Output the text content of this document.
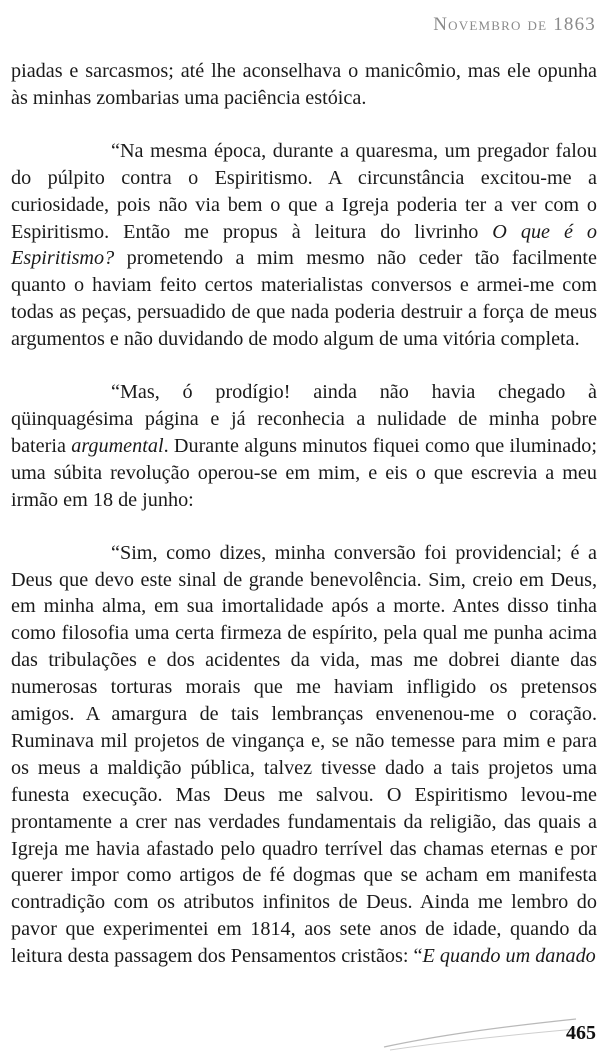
Novembro de 1863

piadas e sarcasmos; até lhe aconselhava o manicômio, mas ele opunha às minhas zombarias uma paciência estóica.

“Na mesma época, durante a quaresma, um pregador falou do púlpito contra o Espiritismo. A circunstância excitou-me a curiosidade, pois não via bem o que a Igreja poderia ter a ver com o Espiritismo. Então me propus à leitura do livrinho O que é o Espiritismo? prometendo a mim mesmo não ceder tão facilmente quanto o haviam feito certos materialistas conversos e armei-me com todas as peças, persuadido de que nada poderia destruir a força de meus argumentos e não duvidando de modo algum de uma vitória completa.

“Mas, ó prodígio! ainda não havia chegado à qüinquagésima página e já reconhecia a nulidade de minha pobre bateria argumental. Durante alguns minutos fiquei como que iluminado; uma súbita revolução operou-se em mim, e eis o que escrevia a meu irmão em 18 de junho:

“Sim, como dizes, minha conversão foi providencial; é a Deus que devo este sinal de grande benevolência. Sim, creio em Deus, em minha alma, em sua imortalidade após a morte. Antes disso tinha como filosofia uma certa firmeza de espírito, pela qual me punha acima das tribulações e dos acidentes da vida, mas me dobrei diante das numerosas torturas morais que me haviam infligido os pretensos amigos. A amargura de tais lembranças envenenou-me o coração. Ruminava mil projetos de vingança e, se não temesse para mim e para os meus a maldição pública, talvez tivesse dado a tais projetos uma funesta execução. Mas Deus me salvou. O Espiritismo levou-me prontamente a crer nas verdades fundamentais da religião, das quais a Igreja me havia afastado pelo quadro terrível das chamas eternas e por querer impor como artigos de fé dogmas que se acham em manifesta contradição com os atributos infinitos de Deus. Ainda me lembro do pavor que experimentei em 1814, aos sete anos de idade, quando da leitura desta passagem dos Pensamentos cristãos: “E quando um danado

465
